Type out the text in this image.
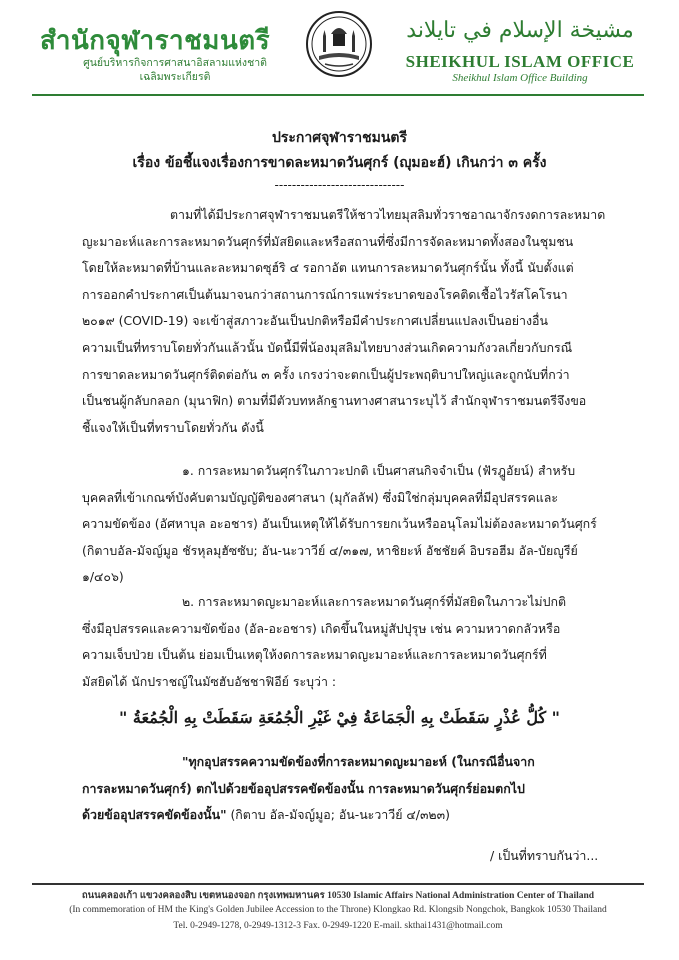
สำนักจุฬาราชมนตรี
ศูนย์บริหารกิจการศาสนาอิสลามแห่งชาติ
เฉลิมพระเกียรติ
مشيخة الإسلام في تايلاند
SHEIKHUL ISLAM OFFICE
Sheikhul Islam Office Building
ประกาศจุฬาราชมนตรี
เรื่อง ข้อชี้แจงเรื่องการขาดละหมาดวันศุกร์ (ญุมอะฮ์) เกินกว่า ๓ ครั้ง
------------------------------
ตามที่ได้มีประกาศจุฬาราชมนตรีให้ชาวไทยมุสลิมทั่วราชอาณาจักรงดการละหมาด
ญะมาอะห์และการละหมาดวันศุกร์ที่มัสยิดและหรือสถานที่ซึ่งมีการจัดละหมาดทั้งสองในชุมชน
โดยให้ละหมาดที่บ้านและละหมาดซุฮ์ริ ๔ รอกาอัต แทนการละหมาดวันศุกร์นั้น ทั้งนี้ นับตั้งแต่
การออกคำประกาศเป็นต้นมาจนกว่าสถานการณ์การแพร่ระบาดของโรคติดเชื้อไวรัสโคโรนา
๒๐๑๙ (COVID-19) จะเข้าสู่สภาวะอันเป็นปกติหรือมีคำประกาศเปลี่ยนแปลงเป็นอย่างอื่น
ความเป็นที่ทราบโดยทั่วกันแล้วนั้น บัดนี้มีพี่น้องมุสลิมไทยบางส่วนเกิดความกังวลเกี่ยวกับกรณี
การขาดละหมาดวันศุกร์ติดต่อกัน ๓ ครั้ง เกรงว่าจะตกเป็นผู้ประพฤติบาปใหญ่และถูกนับที่กว่า
เป็นชนผู้กลับกลอก (มุนาฟิก) ตามที่มีตัวบทหลักฐานทางศาสนาระบุไว้ สำนักจุฬาราชมนตรีจึงขอ
ชี้แจงให้เป็นที่ทราบโดยทั่วกัน ดังนี้
๑. การละหมาดวันศุกร์ในภาวะปกติ เป็นศาสนกิจจำเป็น (ฟัรฎูอัยน์) สำหรับ
บุคคลที่เข้าเกณฑ์บังคับตามบัญญัติของศาสนา (มุกัลลัฟ) ซึ่งมิใช่กลุ่มบุคคลที่มีอุปสรรคและ
ความขัดข้อง (อัศหาบุล อะอชาร) อันเป็นเหตุให้ได้รับการยกเว้นหรืออนุโลมไม่ต้องละหมาดวันศุกร์
(กิตาบอัล-มัจญ์มูอ ชัรหุลมุฮัซซับ; อัน-นะวาวีย์ ๔/๓๑๗, หาชิยะห์ อัชชัยค์ อิบรอฮีม อัล-บัยญูรีย์
๑/๔๐๖)
๒. การละหมาดญะมาอะห์และการละหมาดวันศุกร์ที่มัสยิดในภาวะไม่ปกติ
ซึ่งมีอุปสรรคและความขัดข้อง (อัล-อะอชาร) เกิดขึ้นในหมู่สัปปุรุษ เช่น ความหวาดกลัวหรือ
ความเจ็บป่วย เป็นต้น ย่อมเป็นเหตุให้งดการละหมาดญะมาอะห์และการละหมาดวันศุกร์ที่
มัสยิดได้ นักปราชญ์ในมัซฮับอัชชาฟิอีย์ ระบุว่า :
" كُلُّ عُذْرٍ سَقَطَتْ بِهِ الْجَمَاعَةُ فِيْ غَيْرِ الْجُمُعَةِ سَقَطَتْ بِهِ الْجُمُعَةُ "
"ทุกอุปสรรคความขัดข้องที่การละหมาดญะมาอะห์ (ในกรณีอื่นจาก
การละหมาดวันศุกร์) ตกไปด้วยข้ออุปสรรคขัดข้องนั้น การละหมาดวันศุกร์ย่อมตกไป
ด้วยข้ออุปสรรคขัดข้องนั้น" (กิตาบ อัล-มัจญ์มูอ; อัน-นะวาวีย์ ๔/๓๒๓)
/ เป็นที่ทราบกันว่า...
ถนนคลองเก้า แขวงคลองสิบ เขตหนองจอก กรุงเทพมหานคร 10530 Islamic Affairs National Administration Center of Thailand
(In commemoration of HM the King's Golden Jubilee Accession to the Throne) Klongkao Rd. Klongsib Nongchok, Bangkok 10530 Thailand
Tel. 0-2949-1278, 0-2949-1312-3 Fax. 0-2949-1220 E-mail. skthai1431@hotmail.com
